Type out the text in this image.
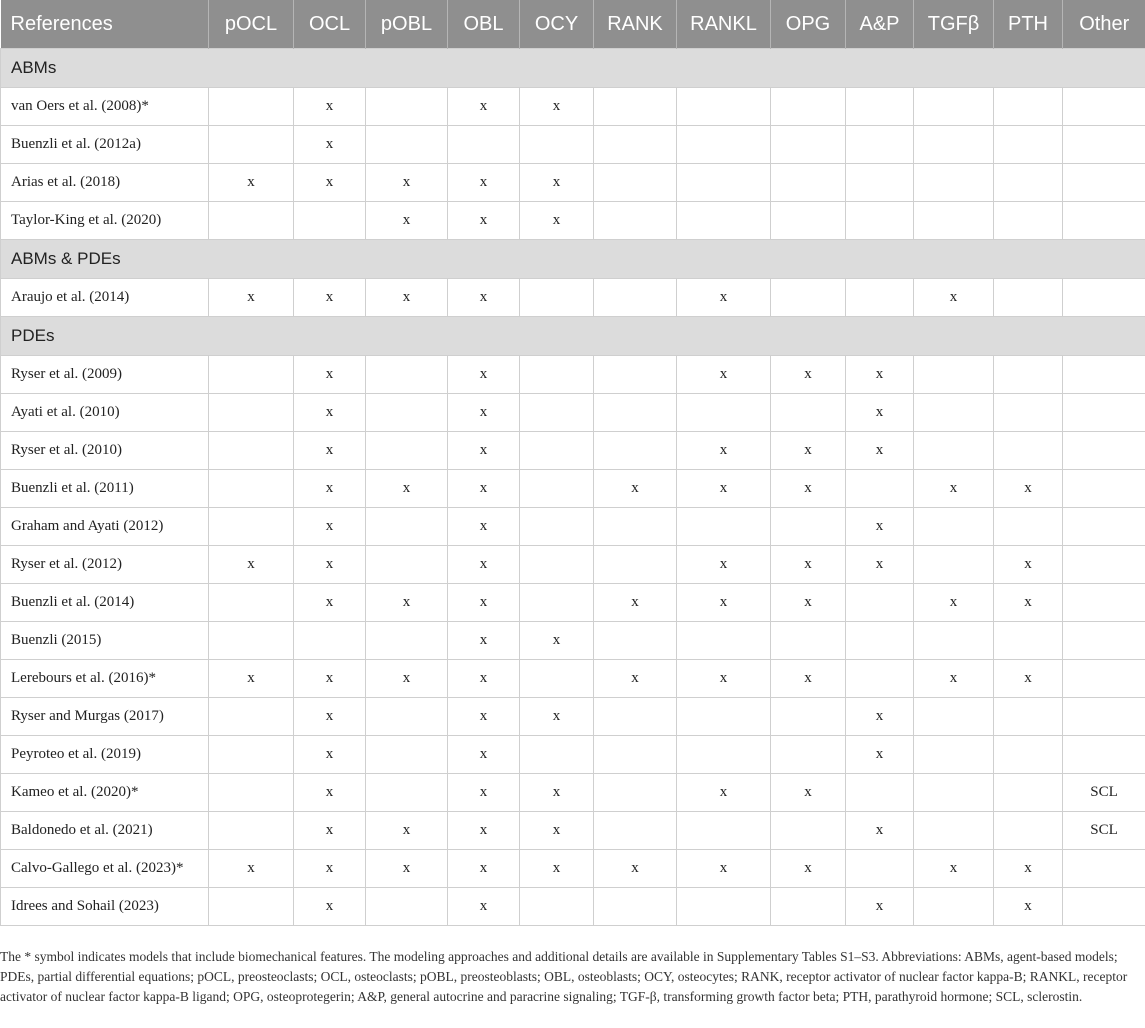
References	pOCL	OCL	pOBL	OBL	OCY	RANK	RANKL	OPG	A&P	TGFβ	PTH	Other
ABMs												
van Oers et al. (2008)*		x		x	x							
Buenzli et al. (2012a)		x										
Arias et al. (2018)	x	x	x	x	x							
Taylor-King et al. (2020)			x	x	x							
ABMs & PDEs												
Araujo et al. (2014)	x	x	x	x			x			x		
PDEs												
Ryser et al. (2009)		x		x			x	x	x			
Ayati et al. (2010)		x		x					x			
Ryser et al. (2010)		x		x			x	x	x			
Buenzli et al. (2011)		x	x	x		x	x	x		x	x	
Graham and Ayati (2012)		x		x					x			
Ryser et al. (2012)	x	x		x			x	x	x		x	
Buenzli et al. (2014)		x	x	x		x	x	x		x	x	
Buenzli (2015)				x	x							
Lerebours et al. (2016)*	x	x	x	x		x	x	x		x	x	
Ryser and Murgas (2017)		x		x	x				x			
Peyroteo et al. (2019)		x		x					x			
Kameo et al. (2020)*		x		x	x		x	x				SCL
Baldonedo et al. (2021)		x	x	x	x				x			SCL
Calvo-Gallego et al. (2023)*	x	x	x	x	x	x	x	x		x	x	
Idrees and Sohail (2023)		x		x					x		x	
The * symbol indicates models that include biomechanical features. The modeling approaches and additional details are available in Supplementary Tables S1–S3. Abbreviations: ABMs, agent-based models; PDEs, partial differential equations; pOCL, preosteoclasts; OCL, osteoclasts; pOBL, preosteoblasts; OBL, osteoblasts; OCY, osteocytes; RANK, receptor activator of nuclear factor kappa-B; RANKL, receptor activator of nuclear factor kappa-B ligand; OPG, osteoprotegerin; A&P, general autocrine and paracrine signaling; TGF-β, transforming growth factor beta; PTH, parathyroid hormone; SCL, sclerostin.
